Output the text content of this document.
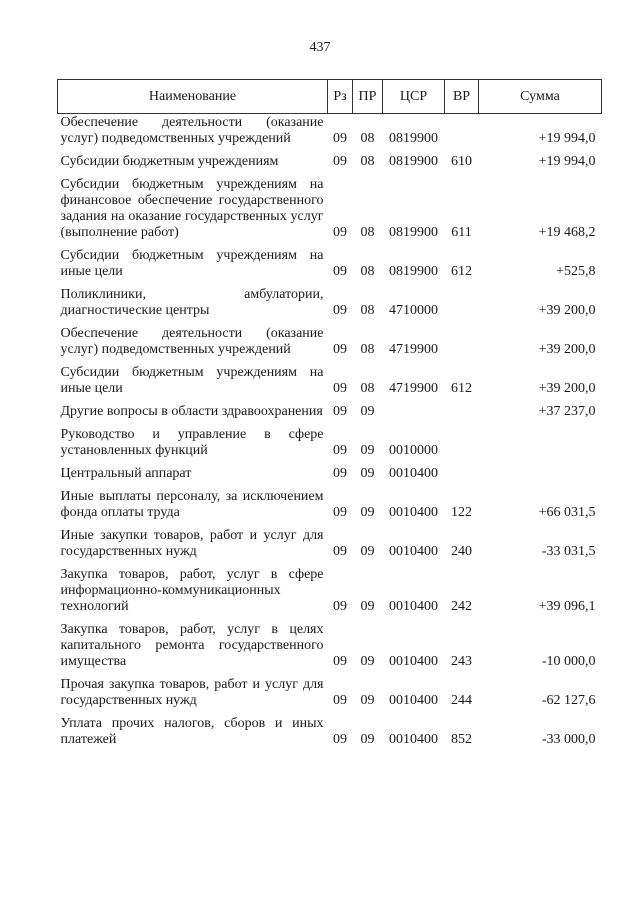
437
Наименование	Рз	ПР	ЦСР	ВР	Сумма
Обеспечение деятельности (оказание услуг) подведомственных учреждений	09	08	0819900		+19 994,0
Субсидии бюджетным учреждениям	09	08	0819900	610	+19 994,0
Субсидии бюджетным учреждениям на финансовое обеспечение государственного задания на оказание государственных услуг (выполнение работ)	09	08	0819900	611	+19 468,2
Субсидии бюджетным учреждениям на иные цели	09	08	0819900	612	+525,8
Поликлиники, амбулатории, диагностические центры	09	08	4710000		+39 200,0
Обеспечение деятельности (оказание услуг) подведомственных учреждений	09	08	4719900		+39 200,0
Субсидии бюджетным учреждениям на иные цели	09	08	4719900	612	+39 200,0
Другие вопросы в области здравоохранения	09	09			+37 237,0
Руководство и управление в сфере установленных функций	09	09	0010000		
Центральный аппарат	09	09	0010400		
Иные выплаты персоналу, за исключением фонда оплаты труда	09	09	0010400	122	+66 031,5
Иные закупки товаров, работ и услуг для государственных нужд	09	09	0010400	240	-33 031,5
Закупка товаров, работ, услуг в сфере информационно-коммуникационных технологий	09	09	0010400	242	+39 096,1
Закупка товаров, работ, услуг в целях капитального ремонта государственного имущества	09	09	0010400	243	-10 000,0
Прочая закупка товаров, работ и услуг для государственных нужд	09	09	0010400	244	-62 127,6
Уплата прочих налогов, сборов и иных платежей	09	09	0010400	852	-33 000,0
